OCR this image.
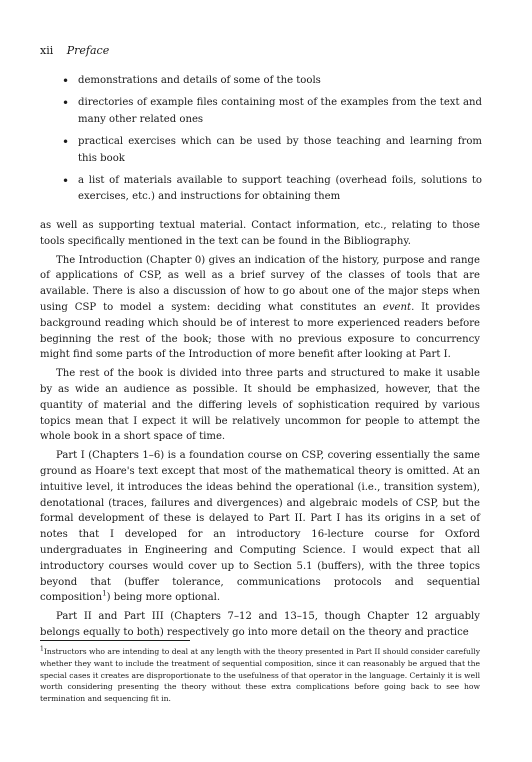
xii Preface
• demonstrations and details of some of the tools
• directories of example files containing most of the examples from the text and many other related ones
• practical exercises which can be used by those teaching and learning from this book
• a list of materials available to support teaching (overhead foils, solutions to exercises, etc.) and instructions for obtaining them

as well as supporting textual material. Contact information, etc., relating to those tools specifically mentioned in the text can be found in the Bibliography.

The Introduction (Chapter 0) gives an indication of the history, purpose and range of applications of CSP, as well as a brief survey of the classes of tools that are available. There is also a discussion of how to go about one of the major steps when using CSP to model a system: deciding what constitutes an event. It provides background reading which should be of interest to more experienced readers before beginning the rest of the book; those with no previous exposure to concurrency might find some parts of the Introduction of more benefit after looking at Part I.

The rest of the book is divided into three parts and structured to make it usable by as wide an audience as possible. It should be emphasized, however, that the quantity of material and the differing levels of sophistication required by various topics mean that I expect it will be relatively uncommon for people to attempt the whole book in a short space of time.

Part I (Chapters 1–6) is a foundation course on CSP, covering essentially the same ground as Hoare's text except that most of the mathematical theory is omitted. At an intuitive level, it introduces the ideas behind the operational (i.e., transition system), denotational (traces, failures and divergences) and algebraic models of CSP, but the formal development of these is delayed to Part II. Part I has its origins in a set of notes that I developed for an introductory 16-lecture course for Oxford undergraduates in Engineering and Computing Science. I would expect that all introductory courses would cover up to Section 5.1 (buffers), with the three topics beyond that (buffer tolerance, communications protocols and sequential composition$^1$) being more optional.

Part II and Part III (Chapters 7–12 and 13–15, though Chapter 12 arguably belongs equally to both) respectively go into more detail on the theory and practice

$^1$Instructors who are intending to deal at any length with the theory presented in Part II should consider carefully whether they want to include the treatment of sequential composition, since it can reasonably be argued that the special cases it creates are disproportionate to the usefulness of that operator in the language. Certainly it is well worth considering presenting the theory without these extra complications before going back to see how termination and sequencing fit in.
